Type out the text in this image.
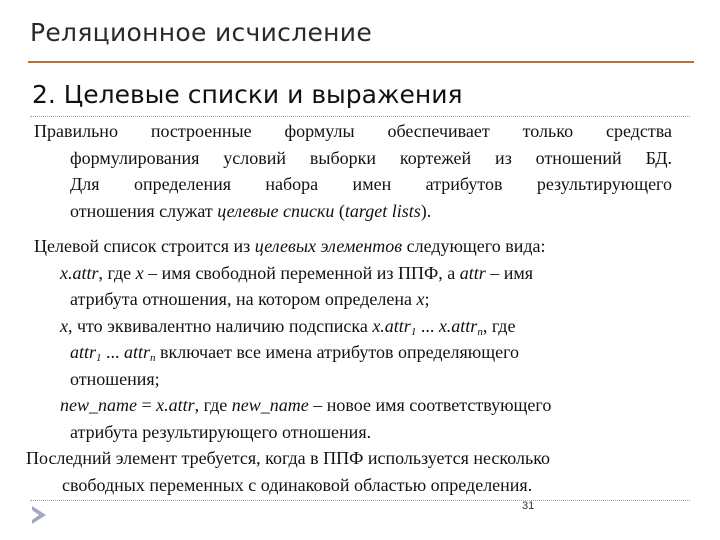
Реляционное исчисление
2. Целевые списки и выражения
Правильно построенные формулы обеспечивает только средства
формулирования условий выборки кортежей из отношений БД.
Для определения набора имен атрибутов результирующего
отношения служат целевые списки (target lists).
Целевой список строится из целевых элементов следующего вида:
x.attr, где x – имя свободной переменной из ППФ, а attr – имя
атрибута отношения, на котором определена x;
x, что эквивалентно наличию подсписка x.attr$_1$ ... x.attr$_n$, где
attr$_1$ ... attr$_n$ включает все имена атрибутов определяющего
отношения;
new_name = x.attr, где new_name – новое имя соответствующего
атрибута результирующего отношения.
Последний элемент требуется, когда в ППФ используется несколько
свободных переменных с одинаковой областью определения.
31
